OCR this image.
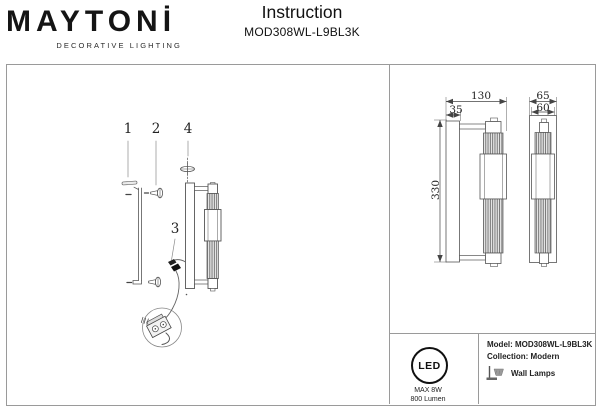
MAYTONİ
DECORATIVE LIGHTING
Instruction
MOD308WL-L9BL3K
1 2 4
3
130
35
330
65
60
LED
MAX 8W
800 Lumen
Model: MOD308WL-L9BL3K
Collection: Modern
Wall Lamps
